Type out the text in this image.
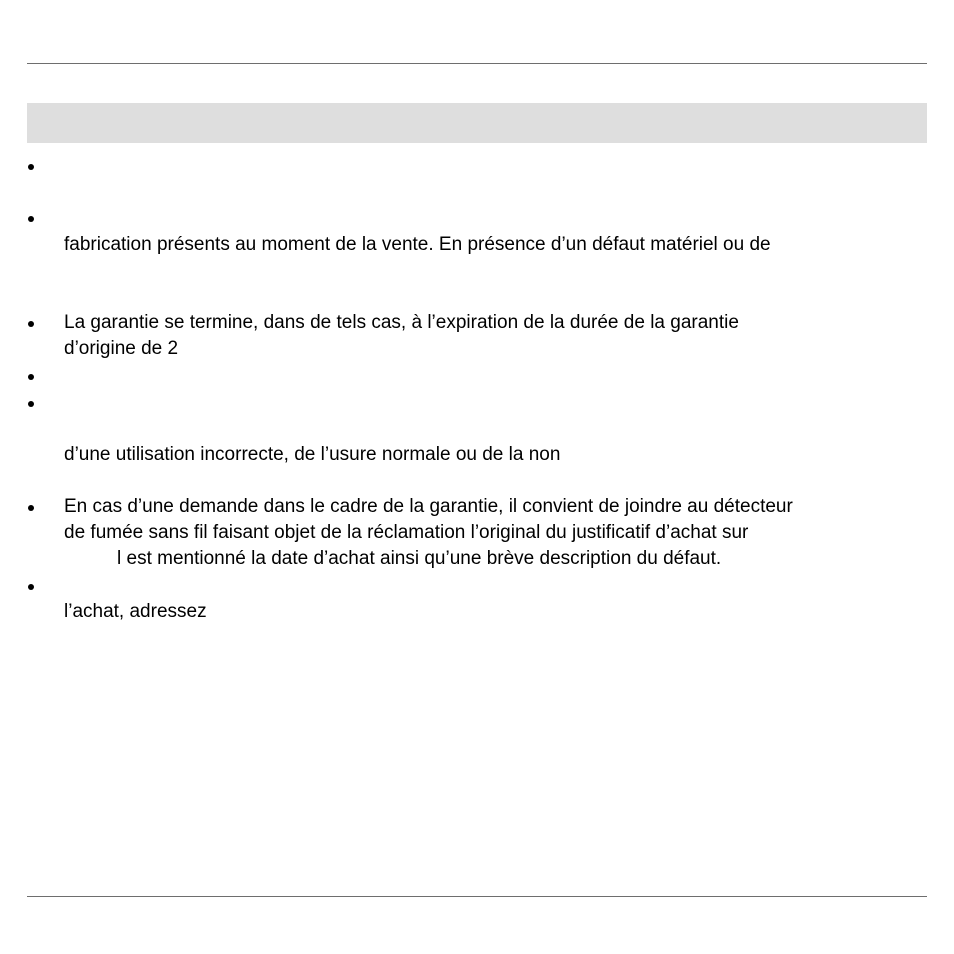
fabrication présents au moment de la vente. En présence d’un défaut matériel ou de
La garantie se termine, dans de tels cas, à l’expiration de la durée de la garantie
d’origine de 2
d’une utilisation incorrecte, de l’usure normale ou de la non
En cas d’une demande dans le cadre de la garantie, il convient de joindre au détecteur
de fumée sans fil faisant objet de la réclamation l’original du justificatif d’achat sur
l est mentionné la date d’achat ainsi qu’une brève description du défaut.
l’achat, adressez
